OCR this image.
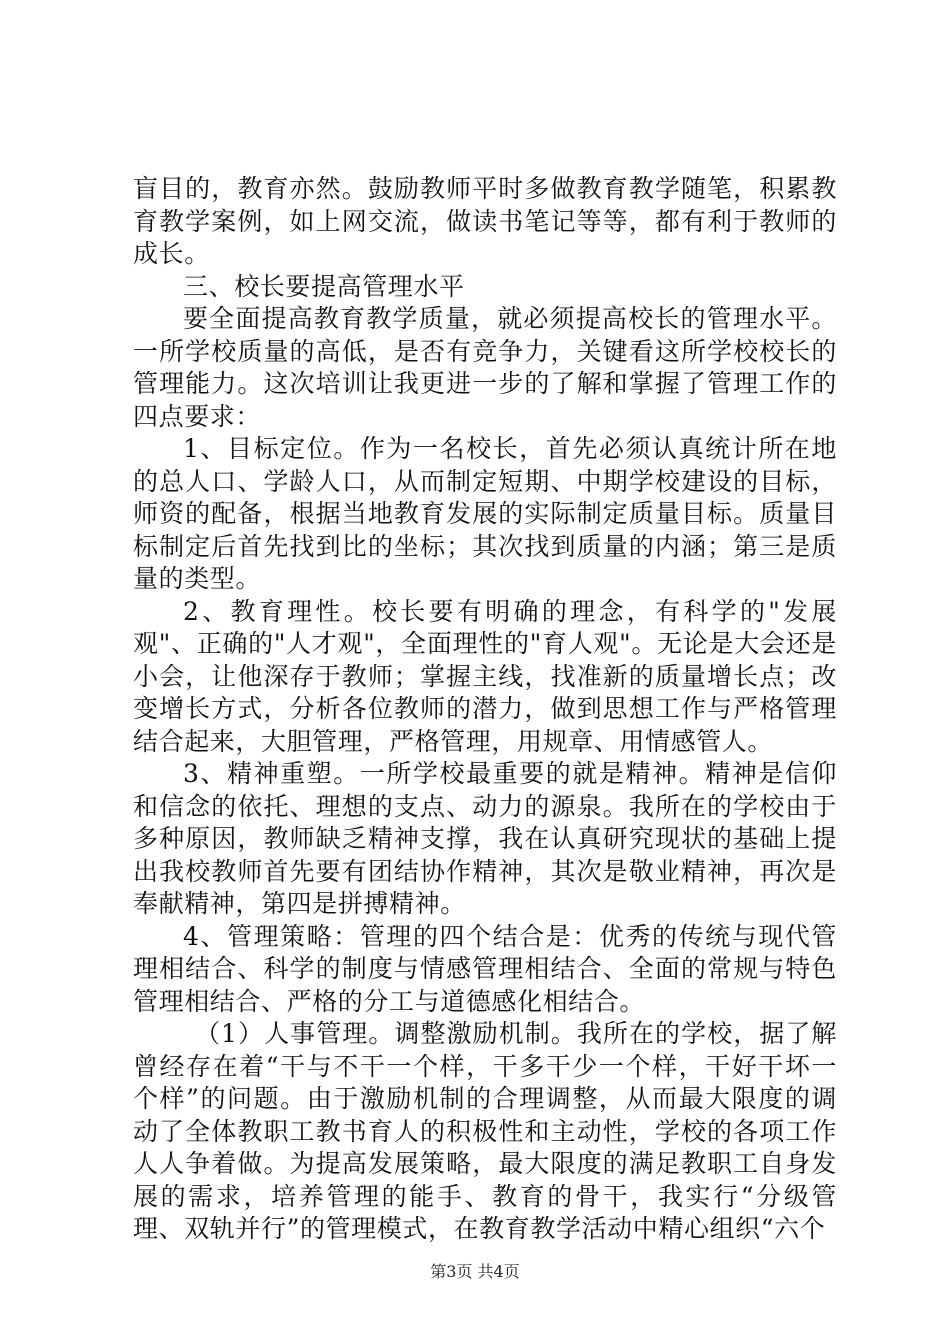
盲目的，教育亦然。鼓励教师平时多做教育教学随笔，积累教育教学案例，如上网交流，做读书笔记等等，都有利于教师的成长。

三、校长要提高管理水平

要全面提高教育教学质量，就必须提高校长的管理水平。一所学校质量的高低，是否有竞争力，关键看这所学校校长的管理能力。这次培训让我更进一步的了解和掌握了管理工作的四点要求：

1、目标定位。作为一名校长，首先必须认真统计所在地的总人口、学龄人口，从而制定短期、中期学校建设的目标，师资的配备，根据当地教育发展的实际制定质量目标。质量目标制定后首先找到比的坐标；其次找到质量的内涵；第三是质量的类型。

2、教育理性。校长要有明确的理念，有科学的"发展观"、正确的"人才观"，全面理性的"育人观"。无论是大会还是小会，让他深存于教师；掌握主线，找准新的质量增长点；改变增长方式，分析各位教师的潜力，做到思想工作与严格管理结合起来，大胆管理，严格管理，用规章、用情感管人。

3、精神重塑。一所学校最重要的就是精神。精神是信仰和信念的依托、理想的支点、动力的源泉。我所在的学校由于多种原因，教师缺乏精神支撑，我在认真研究现状的基础上提出我校教师首先要有团结协作精神，其次是敬业精神，再次是奉献精神，第四是拼搏精神。

4、管理策略：管理的四个结合是：优秀的传统与现代管理相结合、科学的制度与情感管理相结合、全面的常规与特色管理相结合、严格的分工与道德感化相结合。

（1）人事管理。调整激励机制。我所在的学校，据了解曾经存在着“干与不干一个样，干多干少一个样，干好干坏一个样”的问题。由于激励机制的合理调整，从而最大限度的调动了全体教职工教书育人的积极性和主动性，学校的各项工作人人争着做。为提高发展策略，最大限度的满足教职工自身发展的需求，培养管理的能手、教育的骨干，我实行“分级管理、双轨并行”的管理模式，在教育教学活动中精心组织“六个

第3页 共4页
